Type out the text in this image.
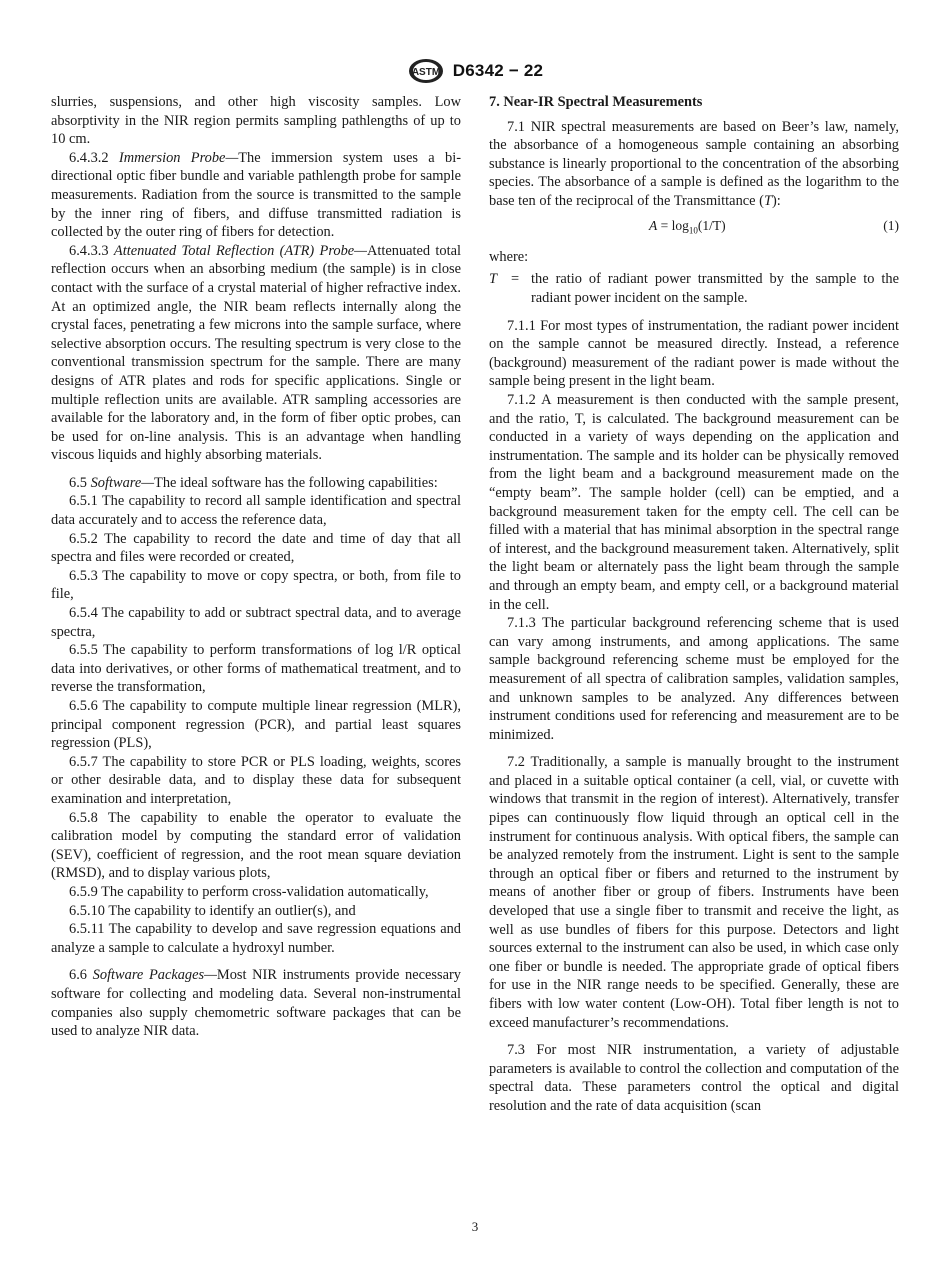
ASTM D6342 − 22

slurries, suspensions, and other high viscosity samples. Low absorptivity in the NIR region permits sampling pathlengths of up to 10 cm.

6.4.3.2 Immersion Probe—The immersion system uses a bi-directional optic fiber bundle and variable pathlength probe for sample measurements. Radiation from the source is transmitted to the sample by the inner ring of fibers, and diffuse transmitted radiation is collected by the outer ring of fibers for detection.

6.4.3.3 Attenuated Total Reflection (ATR) Probe—Attenuated total reflection occurs when an absorbing medium (the sample) is in close contact with the surface of a crystal material of higher refractive index. At an optimized angle, the NIR beam reflects internally along the crystal faces, penetrating a few microns into the sample surface, where selective absorption occurs. The resulting spectrum is very close to the conventional transmission spectrum for the sample. There are many designs of ATR plates and rods for specific applications. Single or multiple reflection units are available. ATR sampling accessories are available for the laboratory and, in the form of fiber optic probes, can be used for on-line analysis. This is an advantage when handling viscous liquids and highly absorbing materials.

6.5 Software—The ideal software has the following capabilities:

6.5.1 The capability to record all sample identification and spectral data accurately and to access the reference data,

6.5.2 The capability to record the date and time of day that all spectra and files were recorded or created,

6.5.3 The capability to move or copy spectra, or both, from file to file,

6.5.4 The capability to add or subtract spectral data, and to average spectra,

6.5.5 The capability to perform transformations of log l/R optical data into derivatives, or other forms of mathematical treatment, and to reverse the transformation,

6.5.6 The capability to compute multiple linear regression (MLR), principal component regression (PCR), and partial least squares regression (PLS),

6.5.7 The capability to store PCR or PLS loading, weights, scores or other desirable data, and to display these data for subsequent examination and interpretation,

6.5.8 The capability to enable the operator to evaluate the calibration model by computing the standard error of validation (SEV), coefficient of regression, and the root mean square deviation (RMSD), and to display various plots,

6.5.9 The capability to perform cross-validation automatically,

6.5.10 The capability to identify an outlier(s), and

6.5.11 The capability to develop and save regression equations and analyze a sample to calculate a hydroxyl number.

6.6 Software Packages—Most NIR instruments provide necessary software for collecting and modeling data. Several non-instrumental companies also supply chemometric software packages that can be used to analyze NIR data.

7. Near-IR Spectral Measurements

7.1 NIR spectral measurements are based on Beer’s law, namely, the absorbance of a homogeneous sample containing an absorbing substance is linearly proportional to the concentration of the absorbing species. The absorbance of a sample is defined as the logarithm to the base ten of the reciprocal of the Transmittance (T):

$A = \log_{10}(1/T)$	(1)
where:
T = the ratio of radiant power transmitted by the sample to the radiant power incident on the sample.

7.1.1 For most types of instrumentation, the radiant power incident on the sample cannot be measured directly. Instead, a reference (background) measurement of the radiant power is made without the sample being present in the light beam.

7.1.2 A measurement is then conducted with the sample present, and the ratio, T, is calculated. The background measurement can be conducted in a variety of ways depending on the application and instrumentation. The sample and its holder can be physically removed from the light beam and a background measurement made on the “empty beam”. The sample holder (cell) can be emptied, and a background measurement taken for the empty cell. The cell can be filled with a material that has minimal absorption in the spectral range of interest, and the background measurement taken. Alternatively, split the light beam or alternately pass the light beam through the sample and through an empty beam, and empty cell, or a background material in the cell.

7.1.3 The particular background referencing scheme that is used can vary among instruments, and among applications. The same sample background referencing scheme must be employed for the measurement of all spectra of calibration samples, validation samples, and unknown samples to be analyzed. Any differences between instrument conditions used for referencing and measurement are to be minimized.

7.2 Traditionally, a sample is manually brought to the instrument and placed in a suitable optical container (a cell, vial, or cuvette with windows that transmit in the region of interest). Alternatively, transfer pipes can continuously flow liquid through an optical cell in the instrument for continuous analysis. With optical fibers, the sample can be analyzed remotely from the instrument. Light is sent to the sample through an optical fiber or fibers and returned to the instrument by means of another fiber or group of fibers. Instruments have been developed that use a single fiber to transmit and receive the light, as well as use bundles of fibers for this purpose. Detectors and light sources external to the instrument can also be used, in which case only one fiber or bundle is needed. The appropriate grade of optical fibers for use in the NIR range needs to be specified. Generally, these are fibers with low water content (Low-OH). Total fiber length is not to exceed manufacturer’s recommendations.

7.3 For most NIR instrumentation, a variety of adjustable parameters is available to control the collection and computation of the spectral data. These parameters control the optical and digital resolution and the rate of data acquisition (scan

3
